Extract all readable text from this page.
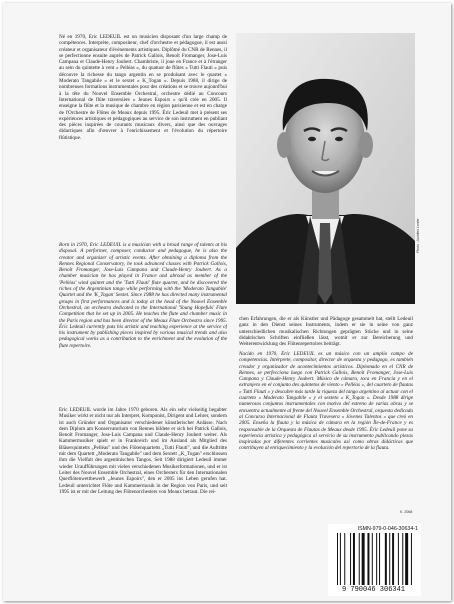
Né en 1970, Éric LEDEUIL est un musicien disposant d'un large champ de compétences. Interprète, compositeur, chef d'orchestre et pédagogue, il est aussi créateur et organisateur d'évènements artistiques. Diplômé du CNR de Rennes, il se perfectionne ensuite auprès de Patrick Gallois, Benoît Fromanger, Jose-Luis Campana et Claude-Henry Joubert. Chambriste, il joue en France et à l'étranger au sein du quintette à vent « Pelléas », du quatuor de flûtes « Tutti Flauti » puis découvre la richesse du tango argentin en se produisant avec le quartet « Moderato Tangabile » et le sextet « K_Togan ». Depuis 1988, il dirige de nombreuses formations instrumentales pour des créations et se trouve aujourd'hui à la tête du Nouvel Ensemble Orchestral, orchestre dédié au Concours International de flûte traversière « Jeunes Espoirs » qu'il crée en 2005. Il enseigne la flûte et la musique de chambre en région parisienne et est en charge de l'Orchestre de Flûtes de Meaux depuis 1995. Éric Ledeuil met à présent ses expériences artistiques et pédagogiques au service de son instrument en publiant des pièces inspirées de courants musicaux divers, ainsi que des ouvrages didactiques afin d'œuvrer à l'enrichissement et l'évolution du répertoire flûtistique.
Born in 1970, Éric LEDEUIL is a musician with a broad range of talents at his disposal. A performer, composer, conductor and pedagogue, he is also the creator and organizer of artistic events. After obtaining a diploma from the Rennes Regional Conservatory, he took advanced classes with Patrick Gallois, Benoît Fromanger, Jose-Luis Campana and Claude-Henry Joubert. As a chamber musician he has played in France and abroad as member of the 'Pelléas' wind quintet and the 'Tutti Flauti' flute quartet, and he discovered the riches of the Argentinian tango while performing with the 'Moderato Tangabile' Quartet and the 'K_Togan' Sextet. Since 1988 he has directed many instrumental groups in first performances and is today at the head of the Nouvel Ensemble Orchestral, an orchestra dedicated to the International 'Young Hopefuls' Flute Competition that he set up in 2005. He teaches the flute and chamber music in the Paris region and has been director of the Meaux Flute Orchestra since 1995. Éric Ledeuil currently puts his artistic and teaching experience at the service of his instrument by publishing pieces inspired by various musical trends and also pedagogical works as a contribution to the enrichment and the evolution of the flute repertoire.
Éric LEDEUIL wurde im Jahre 1970 geboren. Als ein sehr vielseitig begabter Musiker wirkt er nicht nur als Interpret, Komponist, Dirigent und Lehrer, sondern ist auch Gründer und Organisator verschiedener künstlerischer Anlässe. Nach dem Diplom am Konservatorium von Rennes bildete er sich bei Patrick Gallois, Benoît Fromanger, Jose-Luis Campana und Claude-Henry Joubert weiter. Als Kammermusiker spielt er in Frankreich und im Ausland als Mitglied des Bläserquintetts „Pelléas" und des Flötenquartetts „Tutti Flauti", und die Auftritte mit dem Quartett „Moderato Tangabile" und dem Sextett „K_Togan" erschlossen ihm die Vielfalt des argentinischen Tangos. Seit 1988 dirigiert Ledeuil immer wieder Uraufführungen mit vielen verschiedenen Musikerformationen, und er ist Leiter des Nouvel Ensemble Orchestral, eines Orchesters für den Internationalen Querflötenwettbewerb „Jeunes Espoirs", den er 2005 ins Leben gerufen hat. Ledeuil unterrichtet Flöte und Kammermusik in der Region von Paris, und seit 1995 ist er mit der Leitung des Flötenorchesters von Meaux betraut. Die rei-
Photo : Aurélien Lenhe
chen Erfahrungen, die er als Künstler und Pädagoge gesammelt hat, stellt Ledeuil ganz in den Dienst seines Instruments, indem er sie in seine von ganz unterschiedlichen musikalischen Richtungen geprägten Stücke und in seine didaktischen Schriften einfließen lässt, womit er zur Bereicherung und Weiterentwicklung des Flötenrepertoires beiträgt.
Nacido en 1970, Éric LEDEUIL es un músico con un amplio campo de competencias. Intérprete, compositor, director de orquesta y pedagogo, es también creador y organizador de acontecimientos artísticos. Diplomado en el CNR de Rennes, se perfecciona luego con Patrick Gallois, Benoît Fromanger, Jose-Luis Campana y Claude-Henry Joubert. Músico de cámara, toca en Francia y en el extranjero en el conjunto des quintetos de viento « Pelléas », del cuarteto de flautas « Tutti Flauti » y descubre más tarde la riqueza del tango argentino al actuar con el cuarteto « Moderato Tangabile » y el sexteto « K_Togan ». Desde 1988 dirige numerosos conjuntos instrumentales con motivo del estreno de varias obras y se encuentra actualmente al frente del Nouvel Ensemble Orchestral, orquesta dedicada al Concurso Internacional de Flauta Travesera « Jóvenes Talentos » que creó en 2005. Enseña la flauta y la música de cámara en la región Île-de-France y es responsable de la Orquesta de Flautas de Meaux desde 1995. Éric Ledeuil pone su experiencia artística y pedagógica al servicio de su instrumento publicando piezas inspiradas por diferentes corrientes musicales así como obras didácticas que contribuyen al enriquecimiento y la evolución del repertorio de la flauta.
K. 2068
ISMN-979-0-046-30634-1
9 790046 306341
